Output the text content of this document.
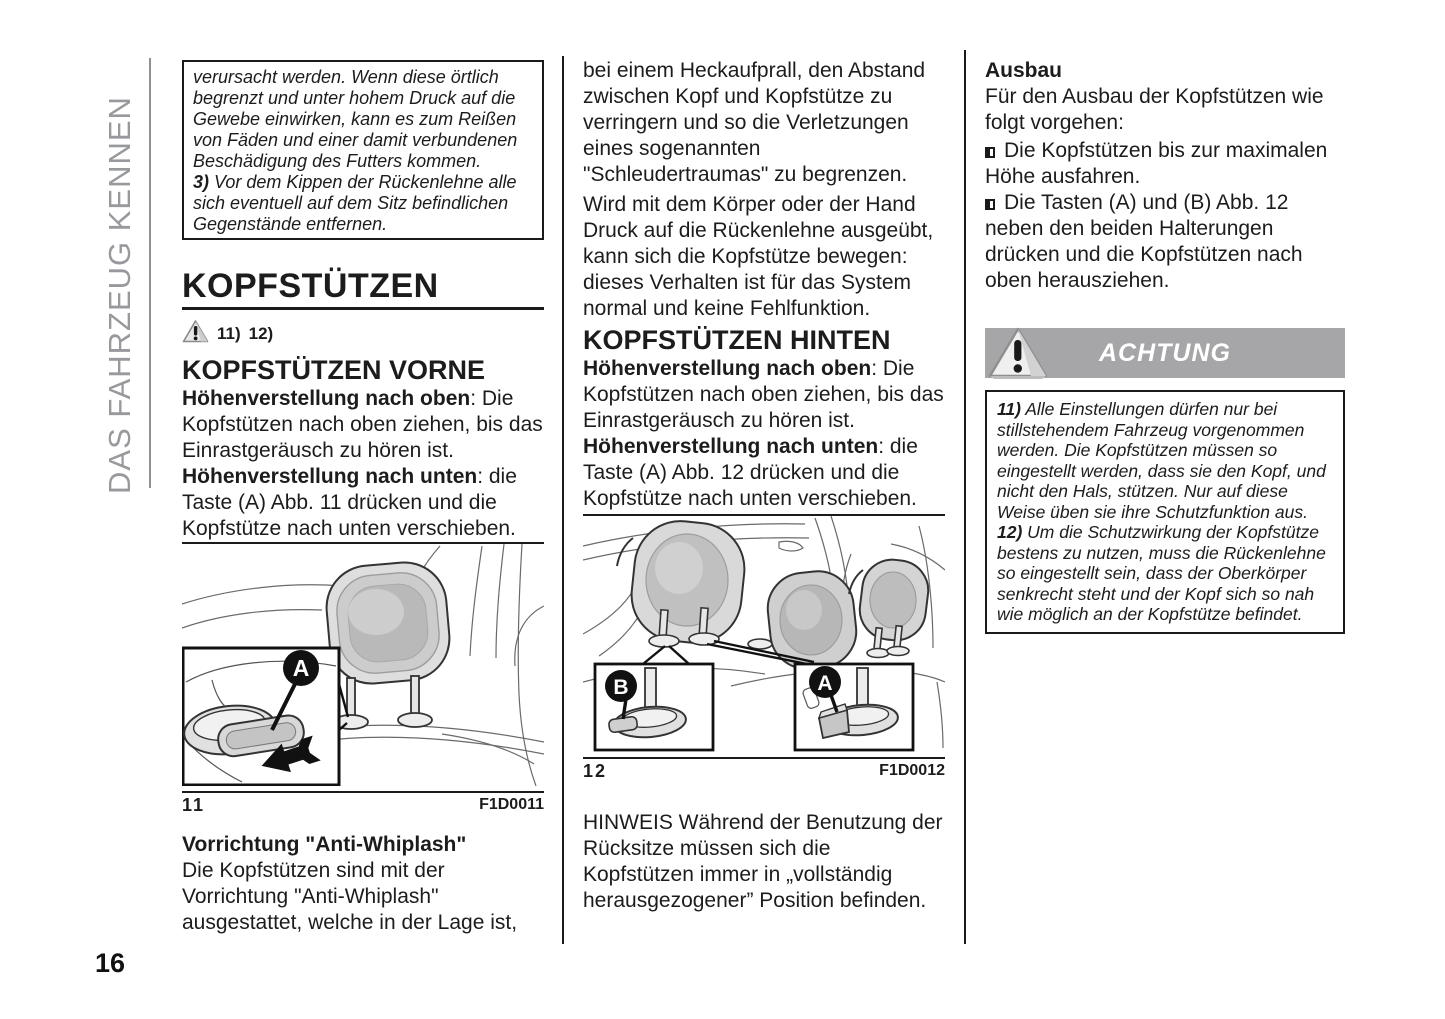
DAS FAHRZEUG KENNEN
16

verursacht werden. Wenn diese örtlich begrenzt und unter hohem Druck auf die Gewebe einwirken, kann es zum Reißen von Fäden und einer damit verbundenen Beschädigung des Futters kommen.

3) Vor dem Kippen der Rückenlehne alle sich eventuell auf dem Sitz befindlichen Gegenstände entfernen.

KOPFSTÜTZEN
11) 12)
KOPFSTÜTZEN VORNE

Höhenverstellung nach oben: Die Kopfstützen nach oben ziehen, bis das Einrastgeräusch zu hören ist.

Höhenverstellung nach unten: die Taste (A) Abb. 11 drücken und die Kopfstütze nach unten verschieben.

A
11	F1D0011
Vorrichtung "Anti-Whiplash"

Die Kopfstützen sind mit der Vorrichtung "Anti-Whiplash" ausgestattet, welche in der Lage ist,

bei einem Heckaufprall, den Abstand zwischen Kopf und Kopfstütze zu verringern und so die Verletzungen eines sogenannten "Schleudertraumas" zu begrenzen.

Wird mit dem Körper oder der Hand Druck auf die Rückenlehne ausgeübt, kann sich die Kopfstütze bewegen: dieses Verhalten ist für das System normal und keine Fehlfunktion.

KOPFSTÜTZEN HINTEN

Höhenverstellung nach oben: Die Kopfstützen nach oben ziehen, bis das Einrastgeräusch zu hören ist.

Höhenverstellung nach unten: die Taste (A) Abb. 12 drücken und die Kopfstütze nach unten verschieben.

B	A
12	F1D0012

HINWEIS Während der Benutzung der Rücksitze müssen sich die Kopfstützen immer in „vollständig herausgezogener” Position befinden.

Ausbau

Für den Ausbau der Kopfstützen wie folgt vorgehen:

Die Kopfstützen bis zur maximalen Höhe ausfahren.

Die Tasten (A) und (B) Abb. 12 neben den beiden Halterungen drücken und die Kopfstützen nach oben herausziehen.

ACHTUNG

11) Alle Einstellungen dürfen nur bei stillstehendem Fahrzeug vorgenommen werden. Die Kopfstützen müssen so eingestellt werden, dass sie den Kopf, und nicht den Hals, stützen. Nur auf diese Weise üben sie ihre Schutzfunktion aus.

12) Um die Schutzwirkung der Kopfstütze bestens zu nutzen, muss die Rückenlehne so eingestellt sein, dass der Oberkörper senkrecht steht und der Kopf sich so nah wie möglich an der Kopfstütze befindet.
